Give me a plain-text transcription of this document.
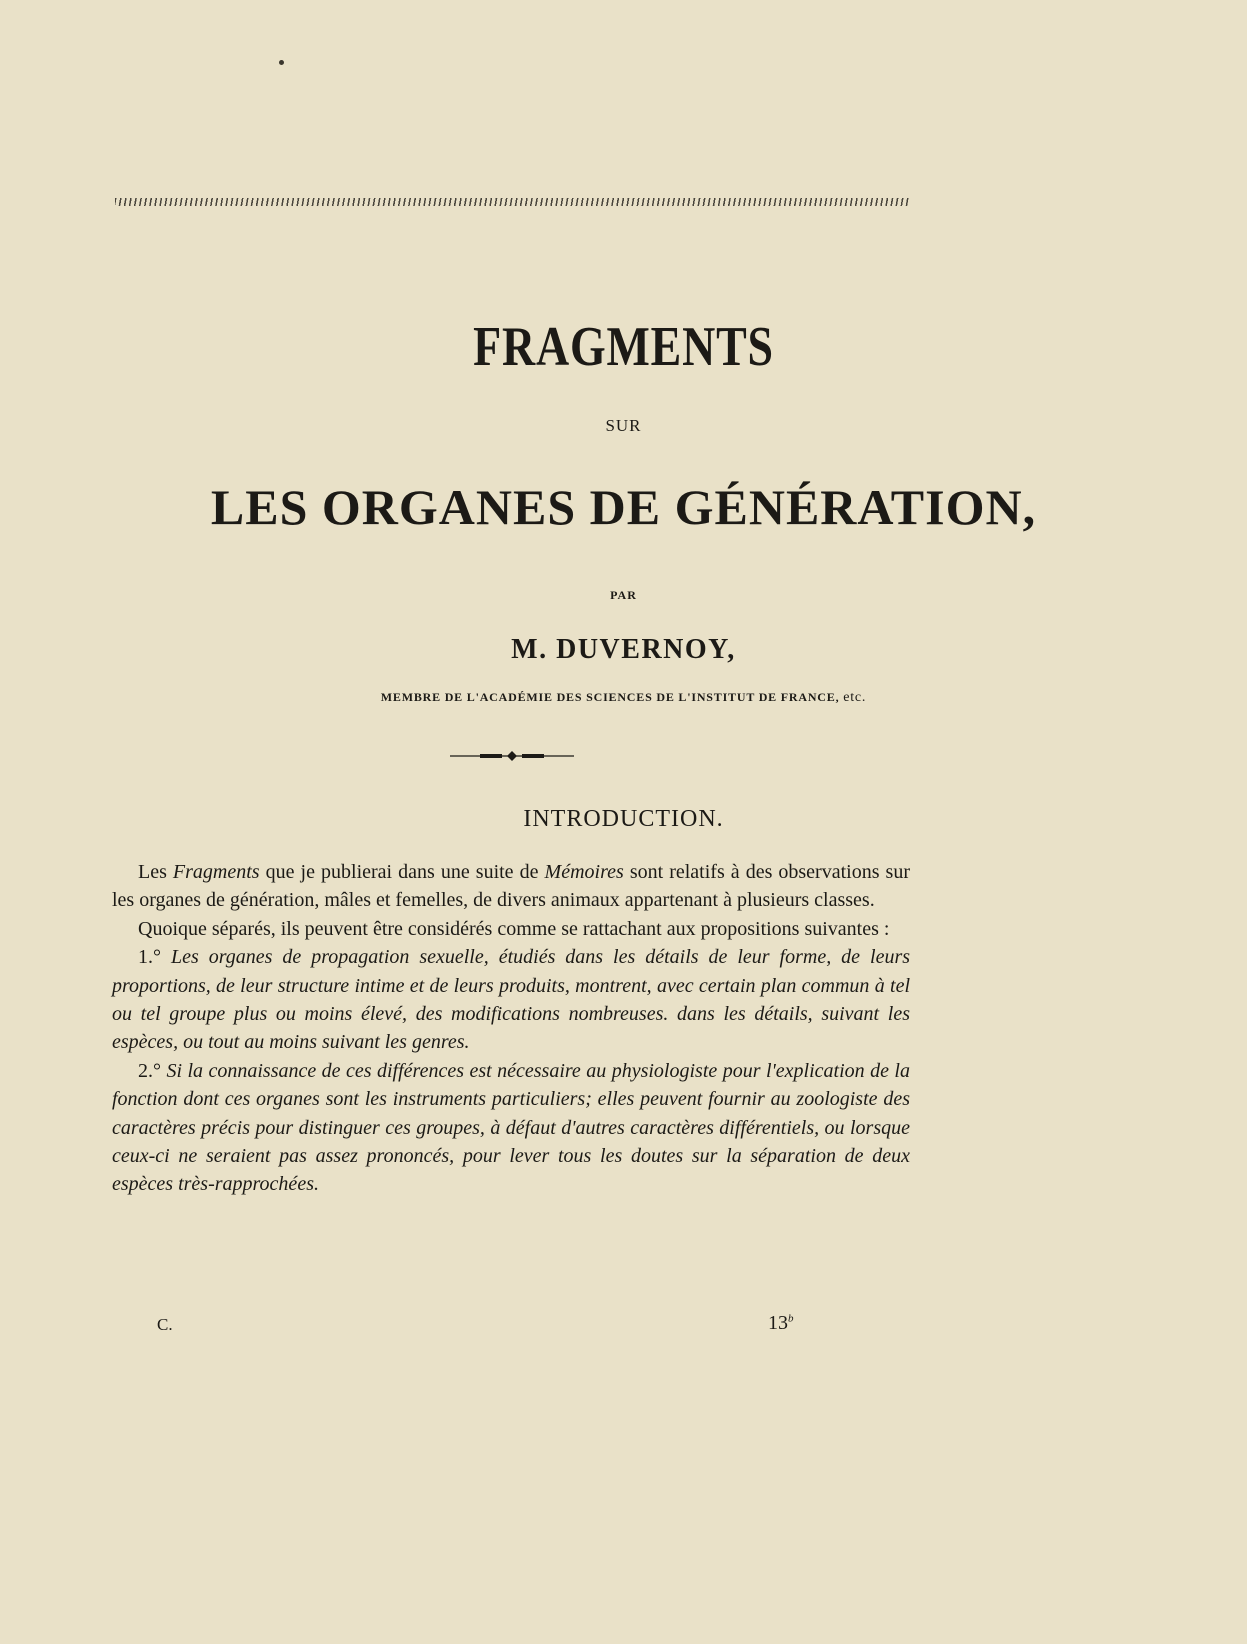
FRAGMENTS
SUR
LES ORGANES DE GÉNÉRATION,
PAR
M. DUVERNOY,
MEMBRE DE L'ACADÉMIE DES SCIENCES DE L'INSTITUT DE FRANCE, etc.
INTRODUCTION.

Les Fragments que je publierai dans une suite de Mémoires sont relatifs à des observations sur les organes de génération, mâles et femelles, de divers animaux appartenant à plusieurs classes.

Quoique séparés, ils peuvent être considérés comme se rattachant aux propositions suivantes :

1.° Les organes de propagation sexuelle, étudiés dans les détails de leur forme, de leurs proportions, de leur structure intime et de leurs produits, montrent, avec certain plan commun à tel ou tel groupe plus ou moins élevé, des modifications nombreuses. dans les détails, suivant les espèces, ou tout au moins suivant les genres.

2.° Si la connaissance de ces différences est nécessaire au physiologiste pour l'explication de la fonction dont ces organes sont les instruments particuliers; elles peuvent fournir au zoologiste des caractères précis pour distinguer ces groupes, à défaut d'autres caractères différentiels, ou lorsque ceux-ci ne seraient pas assez prononcés, pour lever tous les doutes sur la séparation de deux espèces très-rapprochées.

C.	13$^b$
